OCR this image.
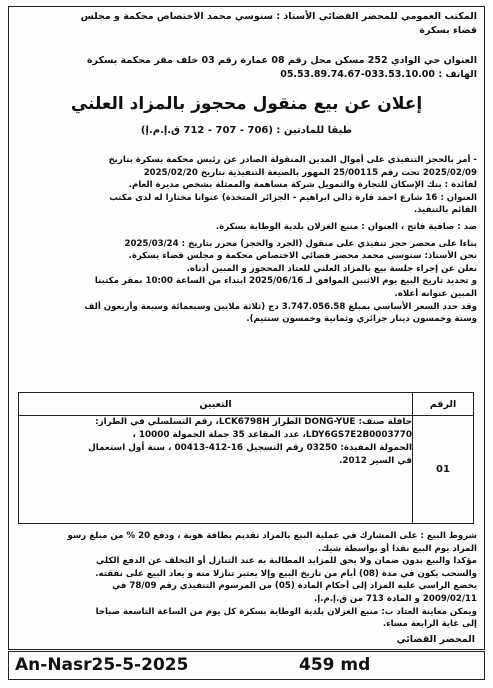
المكتب العمومي للمحضر القضائي الأستاذ : سنوسي محمد الاختصاص محكمة و مجلس
قضاء بسكرة
العنوان حي الوادي 252 مسكن محل رقم 08 عمارة رقم 03 خلف مقر محكمة بسكرة
الهاتف : 033.53.10.00-05.53.89.74.67
إعلان عن بيع منقول محجوز بالمزاد العلني
طبقا للمادتين : (706 - 707 - 712 ق.إ.م.إ)

- أمر بالحجز التنفيذي على أموال المدين المنقولة الصادر عن رئيس محكمة بسكرة بتاريخ

2025/02/09 تحت رقم 25/00115 المهور بالصيغة التنفيذية بتاريخ 2025/02/20

لفائدة : بنك الإسكان للتجارة والتمويل شركة مساهمة والممثلة بشخص مديرة العام.

العنوان : 16 شارع احمد قارة دالي ابراهيم - الجزائر المتخذة) عنوانا مختارا له لدى مكتب

القائم بالتنفيذ.

ضد : صافية فاتح ، العنوان : منبع الغزلان بلدية الوطاية بسكرة.

بناءا على محضر حجز تنفيذي على منقول (الجرد والحجز) محرر بتاريخ : 2025/03/24

نحن الأستاذ: سنوسي محمد محضر قضائي الاختصاص محكمة و مجلس قضاء بسكرة.

نعلن عن إجراء جلسة بيع بالمزاد العلني للعتاد المحجوز و المبين أدناه.

و تحديد تاريخ البيع يوم الاثنين الموافق لـ 2025/06/16 ابتداء من الساعة 10:00 بمقر مكتبنا

المبين عنوانه أعلاه.

وقد حدد السعر الأساسي بمبلغ 3.747.056.58 دج (ثلاثة ملايين وسبعمائة وسبعة وأربعون ألف

وستة وخمسون دينار جزائري وثمانية وخمسون سنتيم).

الرقم	التعيين
01	حافلة صنف: DONG-YUE الطراز LCK6798H، رقم التسلسلي في الطراز:
LDY6GS7E2B0003770، عدد المقاعد 35 جملة الحمولة 10000 ،
الحمولة المفيدة: 03250 رقم التسجيل 16-412-00413 ، سنة أول استعمال
في السير 2012.

شروط البيع : على المشارك في عملية البيع بالمزاد تقديم بطاقة هوية ، ودفع 20 % من مبلغ رسو

المزاد يوم البيع نقدا أو بواسطة شيك.

مؤكدا والبيع بدون ضمان ولا يحق للمزايد المطالبة به عند التنازل أو التخلف عن الدفع الكلي

والسحب يكون في مدة (08) أيام من تاريخ البيع وإلا يعتبر تنازلا منه و يعاد البيع على نفقته.

يخضع الراسي عليه المزاد إلى أحكام المادة (05) من المرسوم التنفيذي رقم 78/09 في

2009/02/11 و المادة 713 من ق.إ.م.إ.

ويمكن معاينة العتاد ب: منبع الغزلان بلدية الوطاية بسكرة كل يوم من الساعة التاسعة صباحا

إلى غاية الرابعة مساء.

المحضر القضائي
An-Nasr25-5-2025	459 md
